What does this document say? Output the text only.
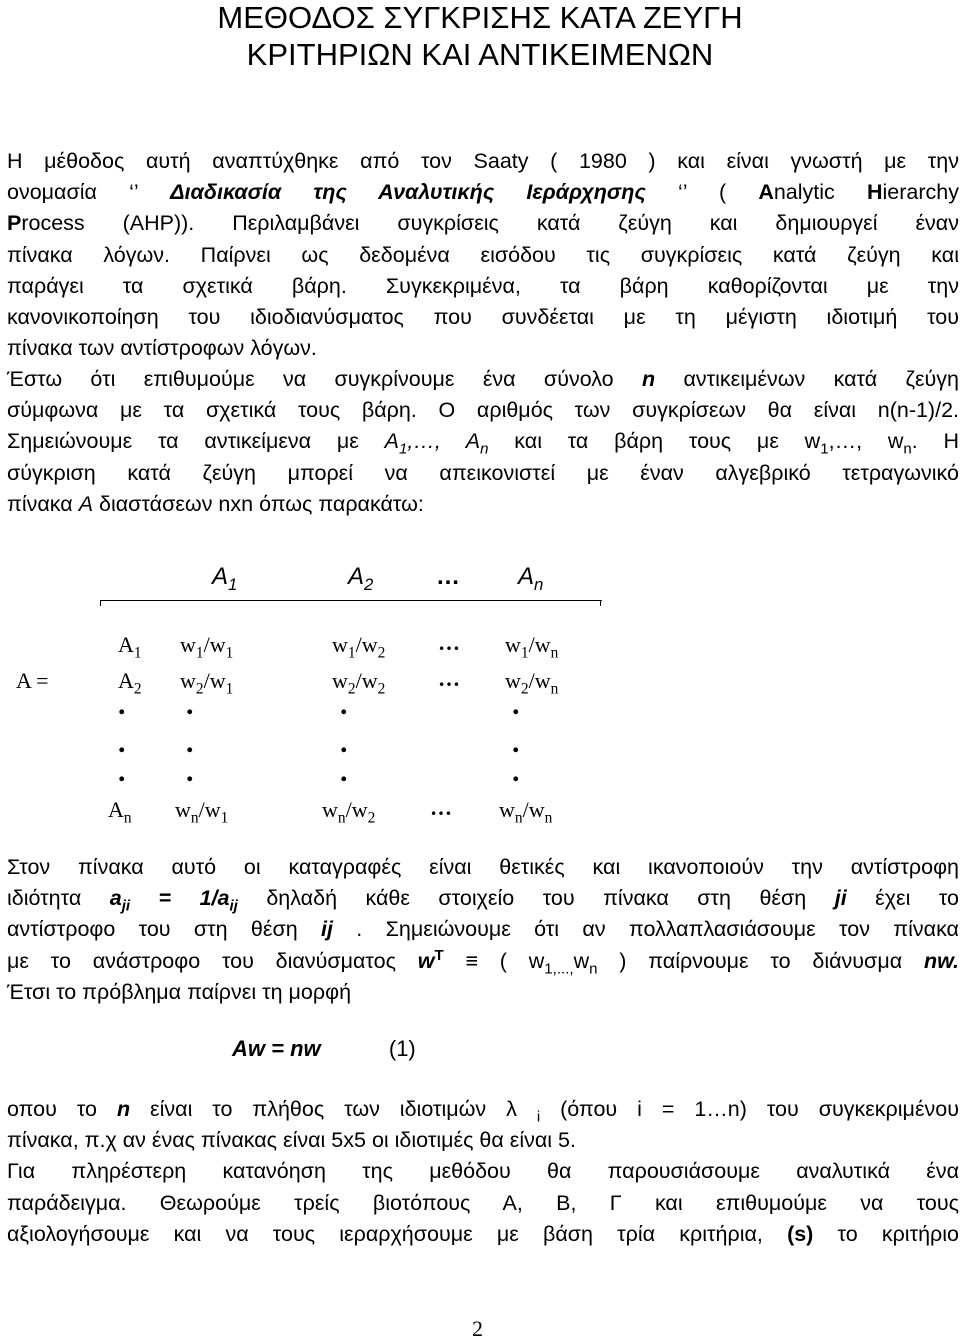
ΜΕΘΟΔΟΣ ΣΥΓΚΡΙΣΗΣ ΚΑΤΑ ΖΕΥΓΗ
ΚΡΙΤΗΡΙΩΝ ΚΑΙ ΑΝΤΙΚΕΙΜΕΝΩΝ
Η μέθοδος αυτή αναπτύχθηκε από τον Saaty ( 1980 ) και είναι γνωστή με την
ονομασία ‘’ Διαδικασία της Αναλυτικής Ιεράρχησης ‘’ ( Analytic Hierarchy
Process (AHP)). Περιλαμβάνει συγκρίσεις κατά ζεύγη και δημιουργεί έναν
πίνακα λόγων. Παίρνει ως δεδομένα εισόδου τις συγκρίσεις κατά ζεύγη και
παράγει τα σχετικά βάρη. Συγκεκριμένα, τα βάρη καθορίζονται με την
κανονικοποίηση του ιδιοδιανύσματος που συνδέεται με τη μέγιστη ιδιοτιμή του
πίνακα των αντίστροφων λόγων.
Έστω ότι επιθυμούμε να συγκρίνουμε ένα σύνολο n αντικειμένων κατά ζεύγη
σύμφωνα με τα σχετικά τους βάρη. Ο αριθμός των συγκρίσεων θα είναι n(n-1)/2.
Σημειώνουμε τα αντικείμενα με $A_1,\dots$, $A_n$ και τα βάρη τους με $w_1,\dots$, $w_n$. Η
σύγκριση κατά ζεύγη μπορεί να απεικονιστεί με έναν αλγεβρικό τετραγωνικό
πίνακα A διαστάσεων nxn όπως παρακάτω:
$A_1$	$A_2$	… $A_n$
A =
$A_1$ $w_1/w_1$	$w_1/w_2$ … $w_1/w_n$
$A_2$ $w_2/w_1$	$w_2/w_2$ … $w_2/w_n$
. .	.	.
. .	.	.
. .	.	.
$A_n$ $w_n/w_1$	$w_n/w_2$ … $w_n/w_n$
Στον πίνακα αυτό οι καταγραφές είναι θετικές και ικανοποιούν την αντίστροφη
ιδιότητα $a_{ji} = 1/a_{ij}$ δηλαδή κάθε στοιχείο του πίνακα στη θέση ji έχει το
αντίστροφο του στη θέση ij . Σημειώνουμε ότι αν πολλαπλασιάσουμε τον πίνακα
με το ανάστροφο του διανύσματος $w^T$ ≡ ( $w_{1,...,}w_n$ ) παίρνουμε το διάνυσμα nw.
Έτσι το πρόβλημα παίρνει τη μορφή
Aw = nw	(1)
οπου το n είναι το πλήθος των ιδιοτιμών λ $_i$ (όπου i = 1…n) του συγκεκριμένου
πίνακα, π.χ αν ένας πίνακας είναι 5x5 οι ιδιοτιμές θα είναι 5.
Για πληρέστερη κατανόηση της μεθόδου θα παρουσιάσουμε αναλυτικά ένα
παράδειγμα. Θεωρούμε τρείς βιοτόπους Α, Β, Γ και επιθυμούμε να τους
αξιολογήσουμε και να τους ιεραρχήσουμε με βάση τρία κριτήρια, (s) το κριτήριο
2
